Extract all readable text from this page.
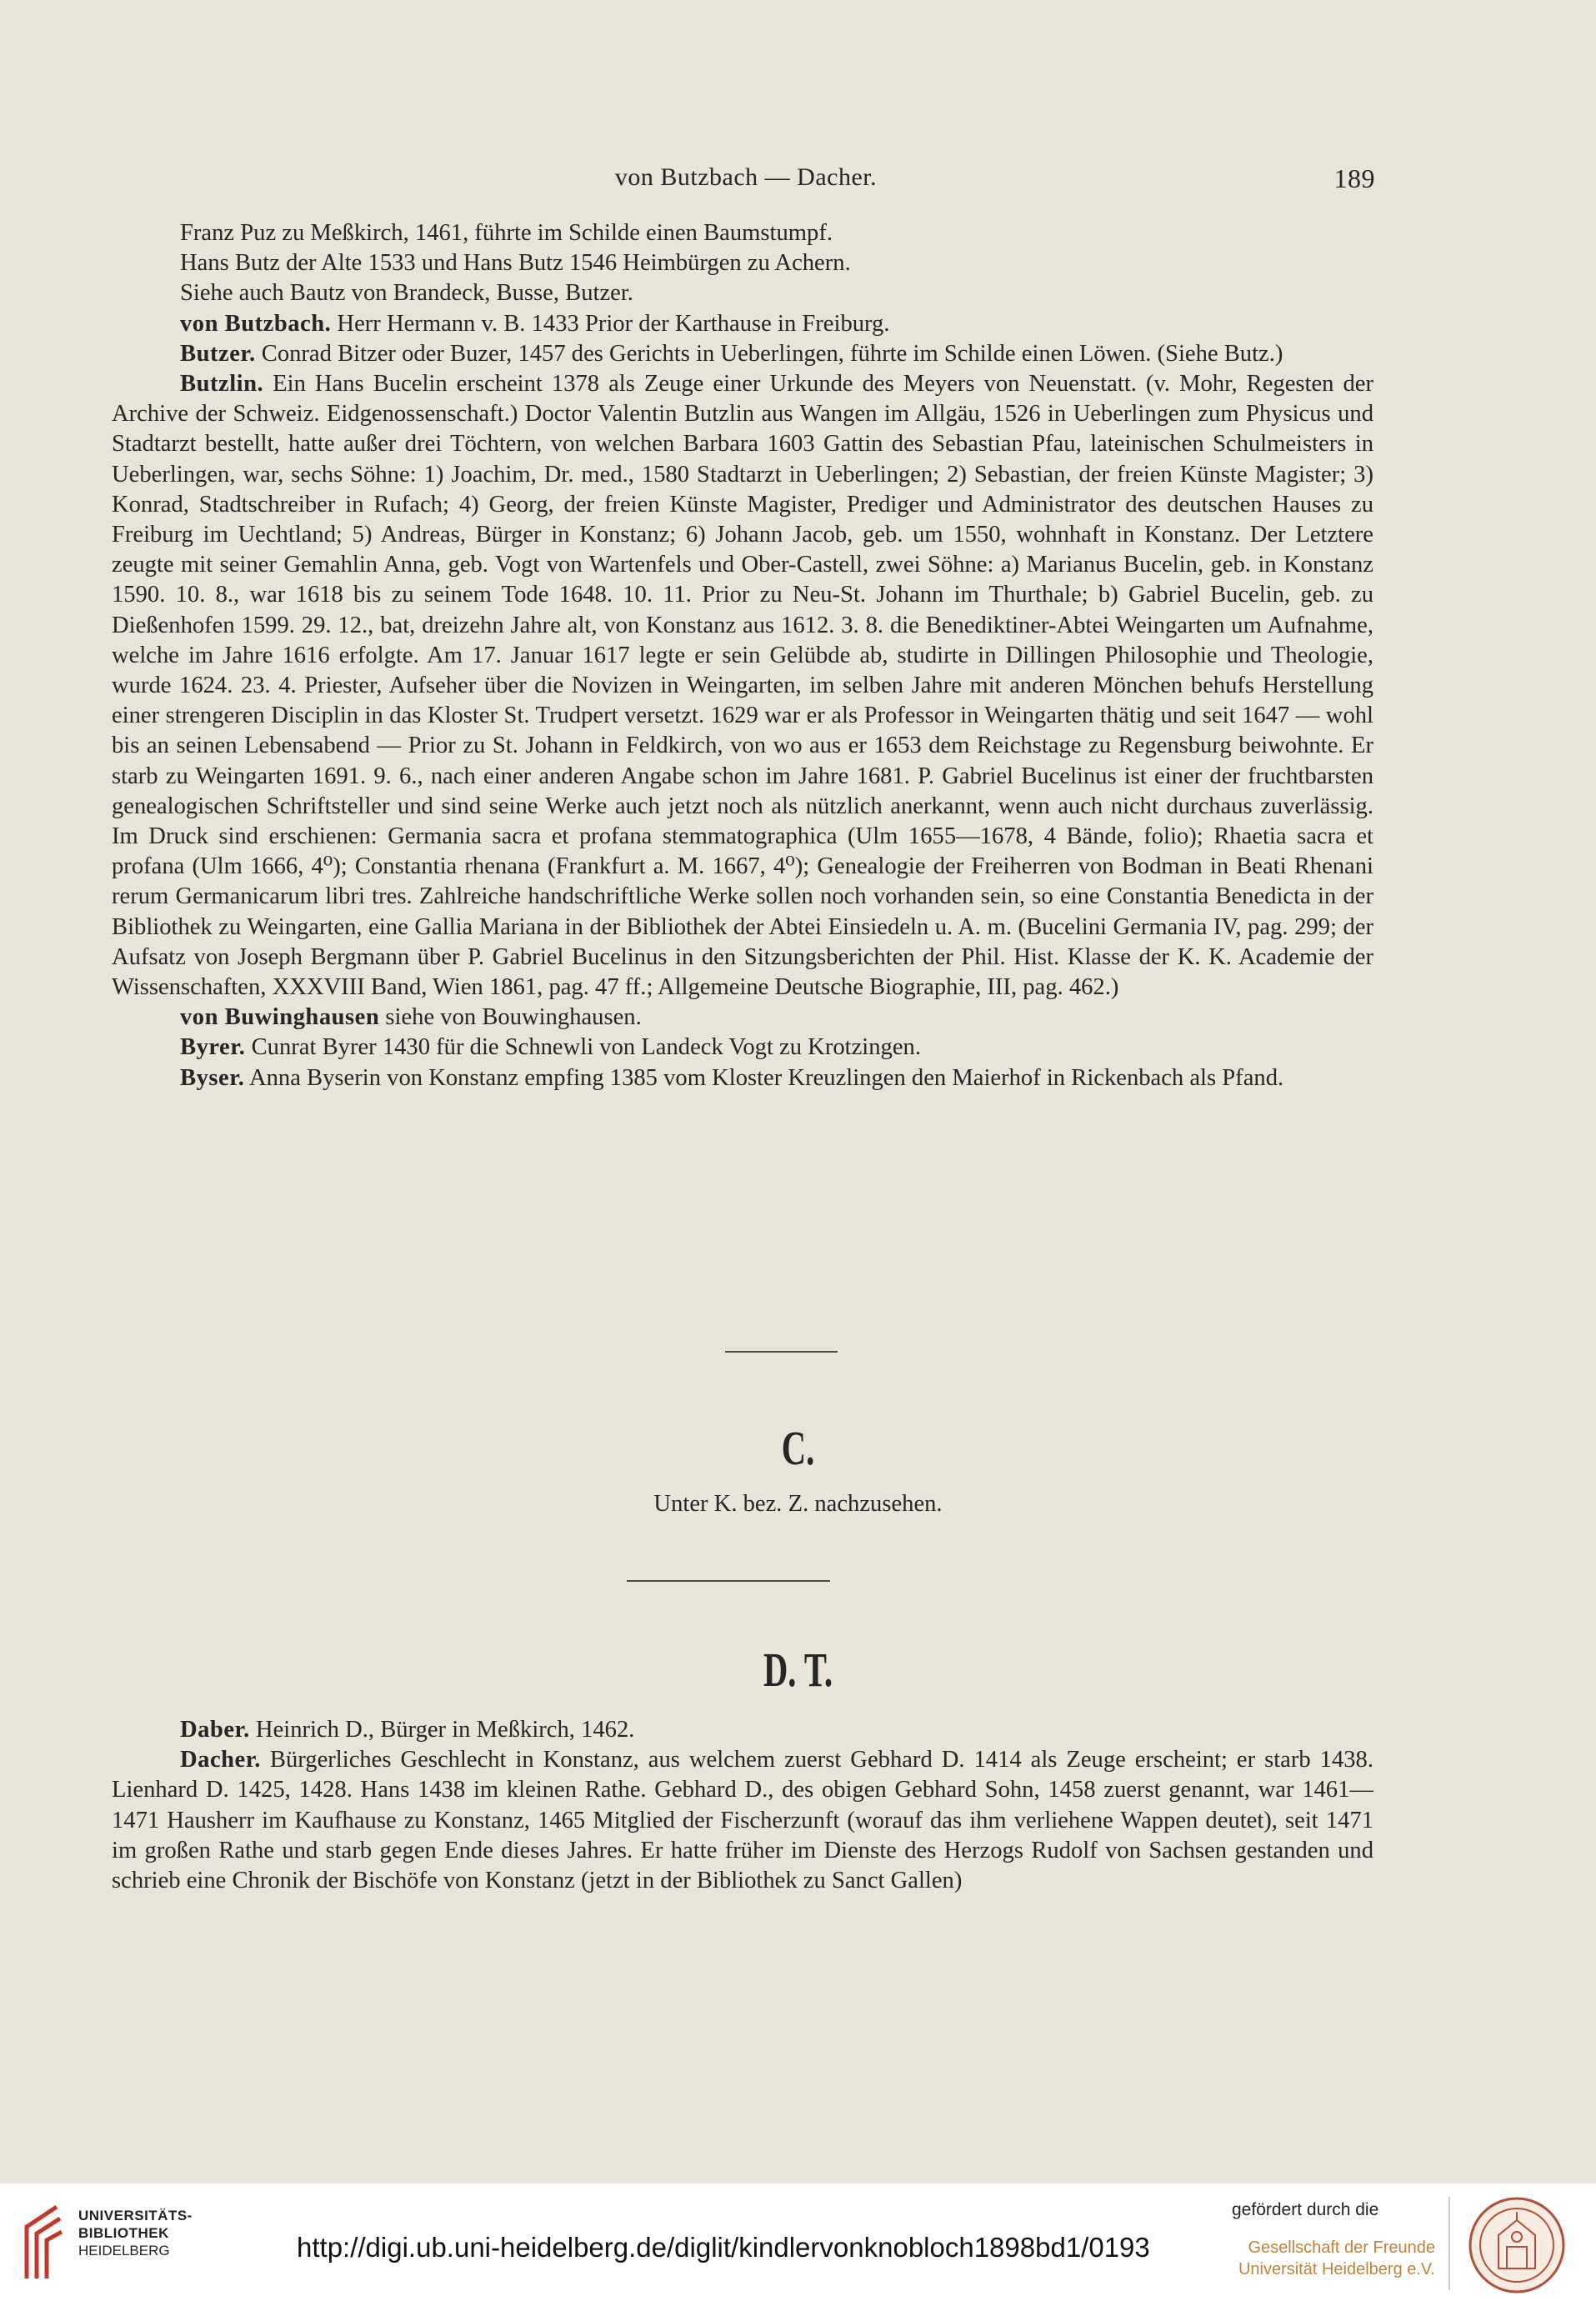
von Butzbach — Dacher.	189

Franz Puz zu Meßkirch, 1461, führte im Schilde einen Baumstumpf.

Hans Butz der Alte 1533 und Hans Butz 1546 Heimbürgen zu Achern.

Siehe auch Bautz von Brandeck, Busse, Butzer.

von Butzbach. Herr Hermann v. B. 1433 Prior der Karthause in Freiburg.

Butzer. Conrad Bitzer oder Buzer, 1457 des Gerichts in Ueberlingen, führte im Schilde einen Löwen. (Siehe Butz.)

Butzlin. Ein Hans Bucelin erscheint 1378 als Zeuge einer Urkunde des Meyers von Neuenstatt. (v. Mohr, Regesten der Archive der Schweiz. Eidgenossenschaft.) Doctor Valentin Butzlin aus Wangen im Allgäu, 1526 in Ueberlingen zum Physicus und Stadtarzt bestellt, hatte außer drei Töchtern, von welchen Barbara 1603 Gattin des Sebastian Pfau, lateinischen Schulmeisters in Ueberlingen, war, sechs Söhne: 1) Joachim, Dr. med., 1580 Stadtarzt in Ueberlingen; 2) Sebastian, der freien Künste Magister; 3) Konrad, Stadtschreiber in Rufach; 4) Georg, der freien Künste Magister, Prediger und Administrator des deutschen Hauses zu Freiburg im Uechtland; 5) Andreas, Bürger in Konstanz; 6) Johann Jacob, geb. um 1550, wohnhaft in Konstanz. Der Letztere zeugte mit seiner Gemahlin Anna, geb. Vogt von Wartenfels und Ober-Castell, zwei Söhne: a) Marianus Bucelin, geb. in Konstanz 1590. 10. 8., war 1618 bis zu seinem Tode 1648. 10. 11. Prior zu Neu-St. Johann im Thurthale; b) Gabriel Bucelin, geb. zu Dießenhofen 1599. 29. 12., bat, dreizehn Jahre alt, von Konstanz aus 1612. 3. 8. die Benediktiner-Abtei Weingarten um Aufnahme, welche im Jahre 1616 erfolgte. Am 17. Januar 1617 legte er sein Gelübde ab, studirte in Dillingen Philosophie und Theologie, wurde 1624. 23. 4. Priester, Aufseher über die Novizen in Weingarten, im selben Jahre mit anderen Mönchen behufs Herstellung einer strengeren Disciplin in das Kloster St. Trudpert versetzt. 1629 war er als Professor in Weingarten thätig und seit 1647 — wohl bis an seinen Lebensabend — Prior zu St. Johann in Feldkirch, von wo aus er 1653 dem Reichstage zu Regensburg beiwohnte. Er starb zu Weingarten 1691. 9. 6., nach einer anderen Angabe schon im Jahre 1681. P. Gabriel Bucelinus ist einer der fruchtbarsten genealogischen Schriftsteller und sind seine Werke auch jetzt noch als nützlich anerkannt, wenn auch nicht durchaus zuverlässig. Im Druck sind erschienen: Germania sacra et profana stemmatographica (Ulm 1655—1678, 4 Bände, folio); Rhaetia sacra et profana (Ulm 1666, 4⁰); Constantia rhenana (Frankfurt a. M. 1667, 4⁰); Genealogie der Freiherren von Bodman in Beati Rhenani rerum Germanicarum libri tres. Zahlreiche handschriftliche Werke sollen noch vorhanden sein, so eine Constantia Benedicta in der Bibliothek zu Weingarten, eine Gallia Mariana in der Bibliothek der Abtei Einsiedeln u. A. m. (Bucelini Germania IV, pag. 299; der Aufsatz von Joseph Bergmann über P. Gabriel Bucelinus in den Sitzungsberichten der Phil. Hist. Klasse der K. K. Academie der Wissenschaften, XXXVIII Band, Wien 1861, pag. 47 ff.; Allgemeine Deutsche Biographie, III, pag. 462.)

von Buwinghausen siehe von Bouwinghausen.

Byrer. Cunrat Byrer 1430 für die Schnewli von Landeck Vogt zu Krotzingen.

Byser. Anna Byserin von Konstanz empfing 1385 vom Kloster Kreuzlingen den Maierhof in Rickenbach als Pfand.

C.
Unter K. bez. Z. nachzusehen.
D. T.

Daber. Heinrich D., Bürger in Meßkirch, 1462.

Dacher. Bürgerliches Geschlecht in Konstanz, aus welchem zuerst Gebhard D. 1414 als Zeuge erscheint; er starb 1438. Lienhard D. 1425, 1428. Hans 1438 im kleinen Rathe. Gebhard D., des obigen Gebhard Sohn, 1458 zuerst genannt, war 1461—1471 Hausherr im Kaufhause zu Konstanz, 1465 Mitglied der Fischerzunft (worauf das ihm verliehene Wappen deutet), seit 1471 im großen Rathe und starb gegen Ende dieses Jahres. Er hatte früher im Dienste des Herzogs Rudolf von Sachsen gestanden und schrieb eine Chronik der Bischöfe von Konstanz (jetzt in der Bibliothek zu Sanct Gallen)

UNIVERSITÄTS-
BIBLIOTHEK
HEIDELBERG	http://digi.ub.uni-heidelberg.de/diglit/kindlervonknobloch1898bd1/0193
gefördert durch die
Gesellschaft der Freunde
Universität Heidelberg e.V.
